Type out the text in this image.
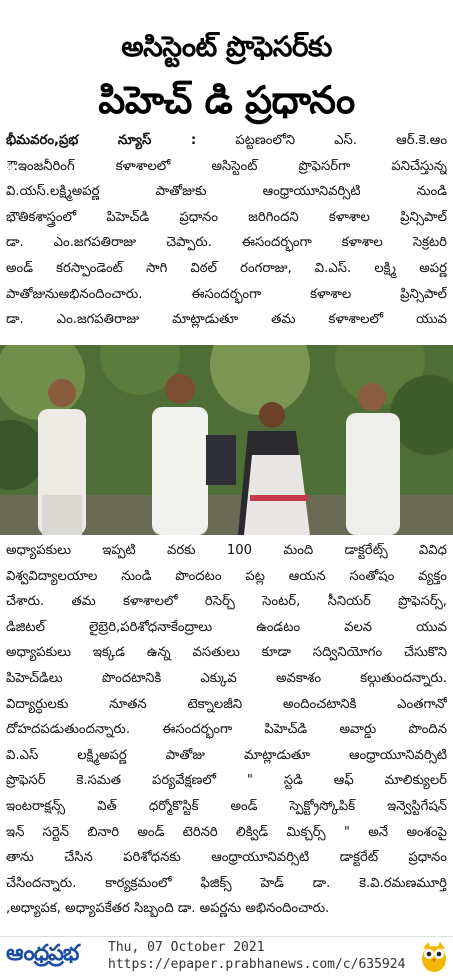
అసిస్టెంట్ ప్రొఫెసర్‌కు
పిహెచ్ డి ప్రధానం
భీమవరం,ప్రభ న్యూస్ : పట్టణంలోని ఎస్. ఆర్.కె.ఆం
ౌ.ఇంజనీరింగ్ కళాశాలలో అసిస్టెంట్ ప్రొఫెసర్‌గా పనిచేస్తున్న
వి.యస్.లక్ష్మిఅపర్ణ పాతోజుకు ఆంధ్రాయూనివర్సిటి నుండి
భౌతికశాస్త్రంలో పిహెచ్‌డి ప్రధానం జరిగిందని కళాశాల ప్రిన్సిపాల్
డా. ఎం.జగపతిరాజు చెప్పారు. ఈసందర్భంగా కళాశాల సెక్రటరి
అండ్ కరస్పాండెంట్ సాగి విఠల్ రంగరాజు, వి.ఎస్. లక్ష్మి అపర్ణ
పాతోజునుఅభినందించారు. ఈసందర్భంగా కళాశాల ప్రిన్సిపాల్
డా. ఎం.జగపతిరాజు మాట్లాడుతూ తమ కళాశాలలో యువ
అధ్యాపకులు ఇప్పటి వరకు 100 మంది డాక్టరేట్స్ వివిధ
విశ్వవిద్యాలయాల నుండి పొందటం పట్ల ఆయన సంతోషం వ్యక్తం
చేశారు. తమ కళాశాలలో రిసెర్చ్ సెంటర్, సీనియర్ ప్రొఫెసర్స్,
డిజిటల్ లైబ్రెరి,పరిశోధనాకేంద్రాలు ఉండటం వలన యువ
అధ్యాపకులు ఇక్కడ ఉన్న వసతులు కూడా సద్వినియోగం చేసుకొని
పిహెచ్‌డిలు పొందటానికి ఎక్కువ అవకాశం కల్గుతుందన్నారు.
విద్యార్ధులకు నూతన టెక్నాలజీని అందించటానికి ఎంతగానో
దోహదపడుతుందన్నారు. ఈసందర్భంగా పిహెచ్‌డి అవార్డు పొందిన
వి.ఎస్ లక్ష్మిఅపర్ణ పాతోజు మాట్లాడుతూ ఆంధ్రాయూనివర్సిటి
ప్రొఫెసర్ కె.సమత పర్యవేక్షణలో " స్టడి ఆఫ్ మాలిక్యులర్
ఇంటరాక్షన్స్ విత్ ధర్మోకొస్టిక్ అండ్ స్పెక్ట్రోస్కోపిక్ ఇన్వెస్టిగేషన్
ఇన్ సర్టెన్ బినారి అండ్ టెరినరి లిక్విడ్ మిక్చర్స్ " అనే అంశంపై
తాను చేసిన పరిశోధనకు ఆంధ్రాయూనివర్సిటి డాక్టరేట్ ప్రధానం
చేసిందన్నారు. కార్యక్రమంలో ఫిజిక్స్ హెడ్ డా. కె.వి.రమణమూర్తి
,అధ్యాపక, అధ్యాపకేతర సిబ్బంది డా. అపర్ణను అభినందించారు.
ఆంధ్రప్రభ Thu, 07 October 2021
https://epaper.prabhanews.com/c/635924
